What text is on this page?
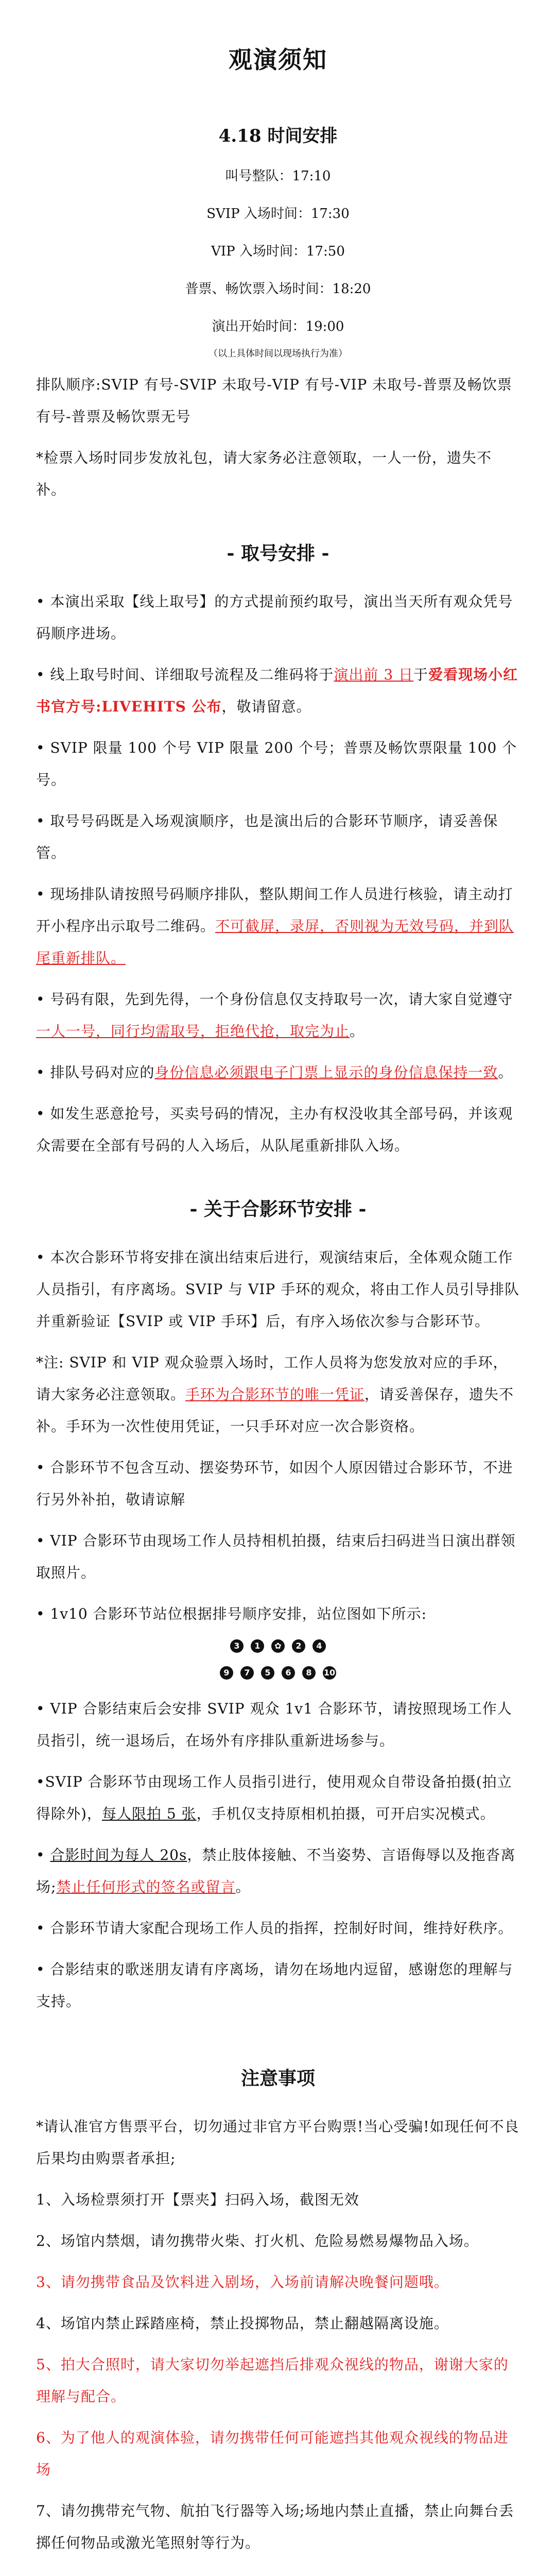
观演须知
4.18 时间安排
叫号整队：17:10
SVIP 入场时间：17:30
VIP 入场时间：17:50
普票、畅饮票入场时间：18:20
演出开始时间：19:00
（以上具体时间以现场执行为准）

排队顺序:SVIP 有号-SVIP 未取号-VIP 有号-VIP 未取号-普票及畅饮票有号-普票及畅饮票无号

*检票入场时同步发放礼包，请大家务必注意领取，一人一份，遗失不补。

- 取号安排 -

• 本演出采取【线上取号】的方式提前预约取号，演出当天所有观众凭号码顺序进场。

• 线上取号时间、详细取号流程及二维码将于演出前 3 日于爱看现场小红书官方号:LIVEHITS 公布，敬请留意。

• SVIP 限量 100 个号 VIP 限量 200 个号；普票及畅饮票限量 100 个号。

• 取号号码既是入场观演顺序，也是演出后的合影环节顺序，请妥善保管。

• 现场排队请按照号码顺序排队，整队期间工作人员进行核验，请主动打开小程序出示取号二维码。不可截屏，录屏，否则视为无效号码，并到队尾重新排队。

• 号码有限，先到先得，一个身份信息仅支持取号一次，请大家自觉遵守一人一号，同行均需取号，拒绝代抢，取完为止。

• 排队号码对应的身份信息必须跟电子门票上显示的身份信息保持一致。

• 如发生恶意抢号，买卖号码的情况，主办有权没收其全部号码，并该观众需要在全部有号码的人入场后，从队尾重新排队入场。

- 关于合影环节安排 -

• 本次合影环节将安排在演出结束后进行，观演结束后，全体观众随工作人员指引，有序离场。SVIP 与 VIP 手环的观众，将由工作人员引导排队并重新验证【SVIP 或 VIP 手环】后，有序入场依次参与合影环节。

*注: SVIP 和 VIP 观众验票入场时，工作人员将为您发放对应的手环，请大家务必注意领取。手环为合影环节的唯一凭证，请妥善保存，遗失不补。手环为一次性使用凭证，一只手环对应一次合影资格。

• 合影环节不包含互动、摆姿势环节，如因个人原因错过合影环节，不进行另外补拍，敬请谅解

• VIP 合影环节由现场工作人员持相机拍摄，结束后扫码进当日演出群领取照片。

• 1v10 合影环节站位根据排号顺序安排，站位图如下所示:

3 1 ✿ 2 4
9 7 5 6 8 10

• VIP 合影结束后会安排 SVIP 观众 1v1 合影环节，请按照现场工作人员指引，统一退场后，在场外有序排队重新进场参与。

•SVIP 合影环节由现场工作人员指引进行，使用观众自带设备拍摄(拍立得除外)，每人限拍 5 张，手机仅支持原相机拍摄，可开启实况模式。

• 合影时间为每人 20s，禁止肢体接触、不当姿势、言语侮辱以及拖沓离场;禁止任何形式的签名或留言。

• 合影环节请大家配合现场工作人员的指挥，控制好时间，维持好秩序。

• 合影结束的歌迷朋友请有序离场，请勿在场地内逗留，感谢您的理解与支持。

注意事项

*请认准官方售票平台，切勿通过非官方平台购票!当心受骗!如现任何不良后果均由购票者承担;

1、入场检票须打开【票夹】扫码入场，截图无效

2、场馆内禁烟，请勿携带火柴、打火机、危险易燃易爆物品入场。

3、请勿携带食品及饮料进入剧场，入场前请解决晚餐问题哦。

4、场馆内禁止踩踏座椅，禁止投掷物品，禁止翻越隔离设施。

5、拍大合照时，请大家切勿举起遮挡后排观众视线的物品，谢谢大家的理解与配合。

6、为了他人的观演体验，请勿携带任何可能遮挡其他观众视线的物品进场

7、请勿携带充气物、航拍飞行器等入场;场地内禁止直播，禁止向舞台丢掷任何物品或激光笔照射等行为。
